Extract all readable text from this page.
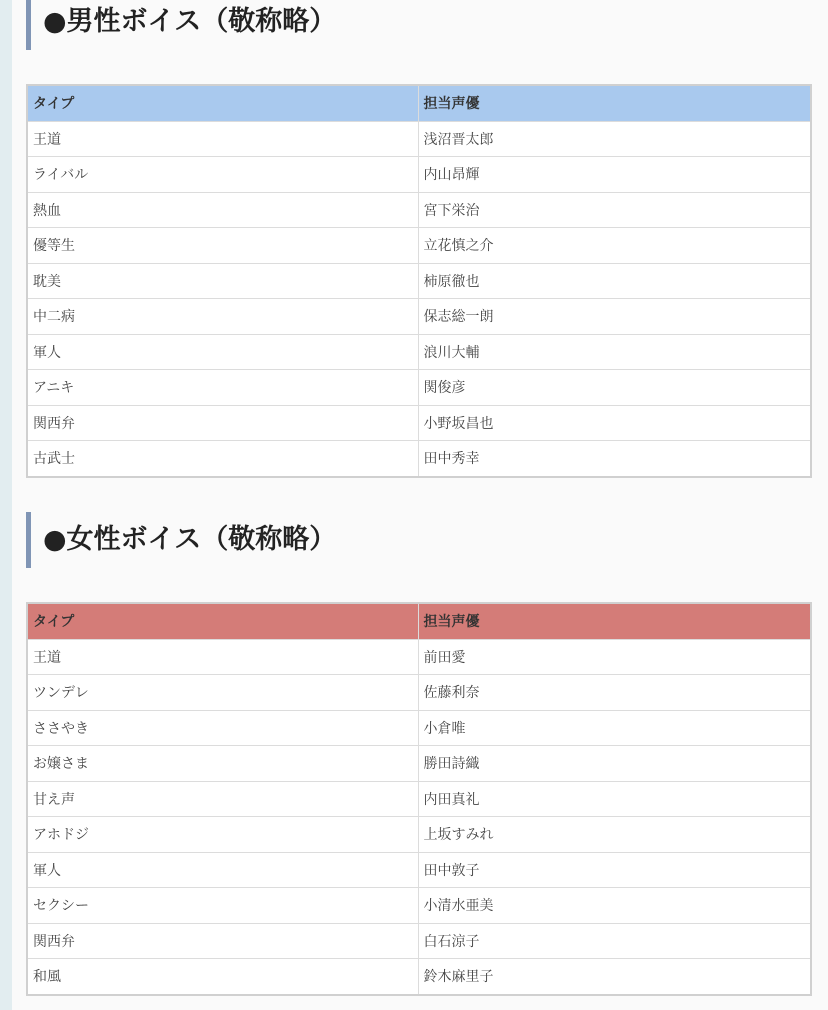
●男性ボイス（敬称略）
タイプ	担当声優
王道	浅沼晋太郎
ライバル	内山昂輝
熱血	宮下栄治
優等生	立花慎之介
耽美	柿原徹也
中二病	保志総一朗
軍人	浪川大輔
アニキ	関俊彦
関西弁	小野坂昌也
古武士	田中秀幸
●女性ボイス（敬称略）
タイプ	担当声優
王道	前田愛
ツンデレ	佐藤利奈
ささやき	小倉唯
お嬢さま	勝田詩織
甘え声	内田真礼
アホドジ	上坂すみれ
軍人	田中敦子
セクシー	小清水亜美
関西弁	白石涼子
和風	鈴木麻里子
